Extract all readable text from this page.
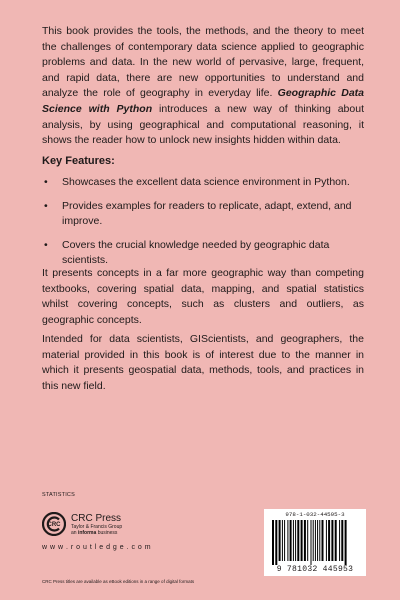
This book provides the tools, the methods, and the theory to meet the challenges of contemporary data science applied to geographic problems and data. In the new world of pervasive, large, frequent, and rapid data, there are new opportunities to understand and analyze the role of geography in everyday life. Geographic Data Science with Python introduces a new way of thinking about analysis, by using geographical and computational reasoning, it shows the reader how to unlock new insights hidden within data.

Key Features:
• Showcases the excellent data science environment in Python.
• Provides examples for readers to replicate, adapt, extend, and improve.
• Covers the crucial knowledge needed by geographic data scientists.

It presents concepts in a far more geographic way than competing textbooks, covering spatial data, mapping, and spatial statistics whilst covering concepts, such as clusters and outliers, as geographic concepts.

Intended for data scientists, GIScientists, and geographers, the material provided in this book is of interest due to the manner in which it presents geospatial data, methods, tools, and practices in this new field.

STATISTICS
CRC
CRC Press
Taylor & Francis Group
an informa business
w w w . r o u t l e d g e . c o m
CRC Press titles are available as eBook editions in a range of digital formats
978-1-032-44595-3
9 781032 445953
